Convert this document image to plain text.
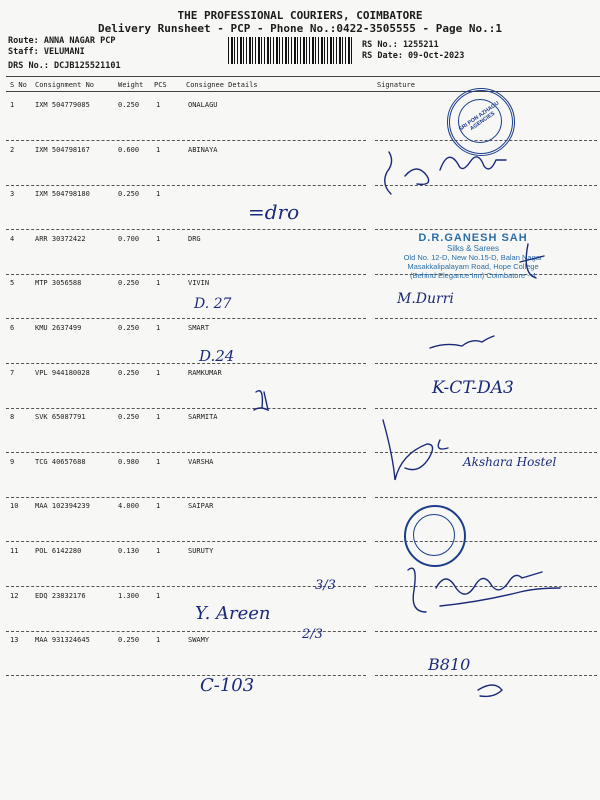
THE PROFESSIONAL COURIERS, COIMBATORE
Delivery Runsheet - PCP - Phone No.:0422-3505555 - Page No.:1
Route: ANNA NAGAR PCP
Staff: VELUMANI
DRS No.: DCJB125521101
RS No.: 1255211
RS Date: 09-Oct-2023
S No Consignment No	Weight PCS	Consignee Details	Signature
1	IXM 504779085	0.250 1	ONALAGU
2	IXM 504798167	0.600 1	ABINAYA
3	IXM 504798180	0.250 1
4	ARR 30372422	0.700 1	DRG
5	MTP 3056588	0.250 1	VIVIN
6	KMU 2637499	0.250 1	SMART
7	VPL 944180028	0.250 1	RAMKUMAR
8	SVK 65087791	0.250 1	SARMITA
9	TCG 40657688	0.980 1	VARSHA
10 MAA 102394239	4.000 1	SAIPAR
11 POL 6142280	0.130 1	SURUTY
12 EDQ 23832176	1.300 1
13 MAA 931324645	0.250 1	SWAMY
SRI PON AZHAGU AGENCIES
D.R.GANESH SAH
Silks & Sarees
Old No. 12-D, New No.15-D, Balan Nagar
Masakkalipalayam Road, Hope College
(Behind Elegance Inn) Coimbatore - 4
=dro
D. 27	M.Durri
D.24
K-CT-DA3
Akshara Hostel
3/3
Y. Areen
2/3
C-103
B810
